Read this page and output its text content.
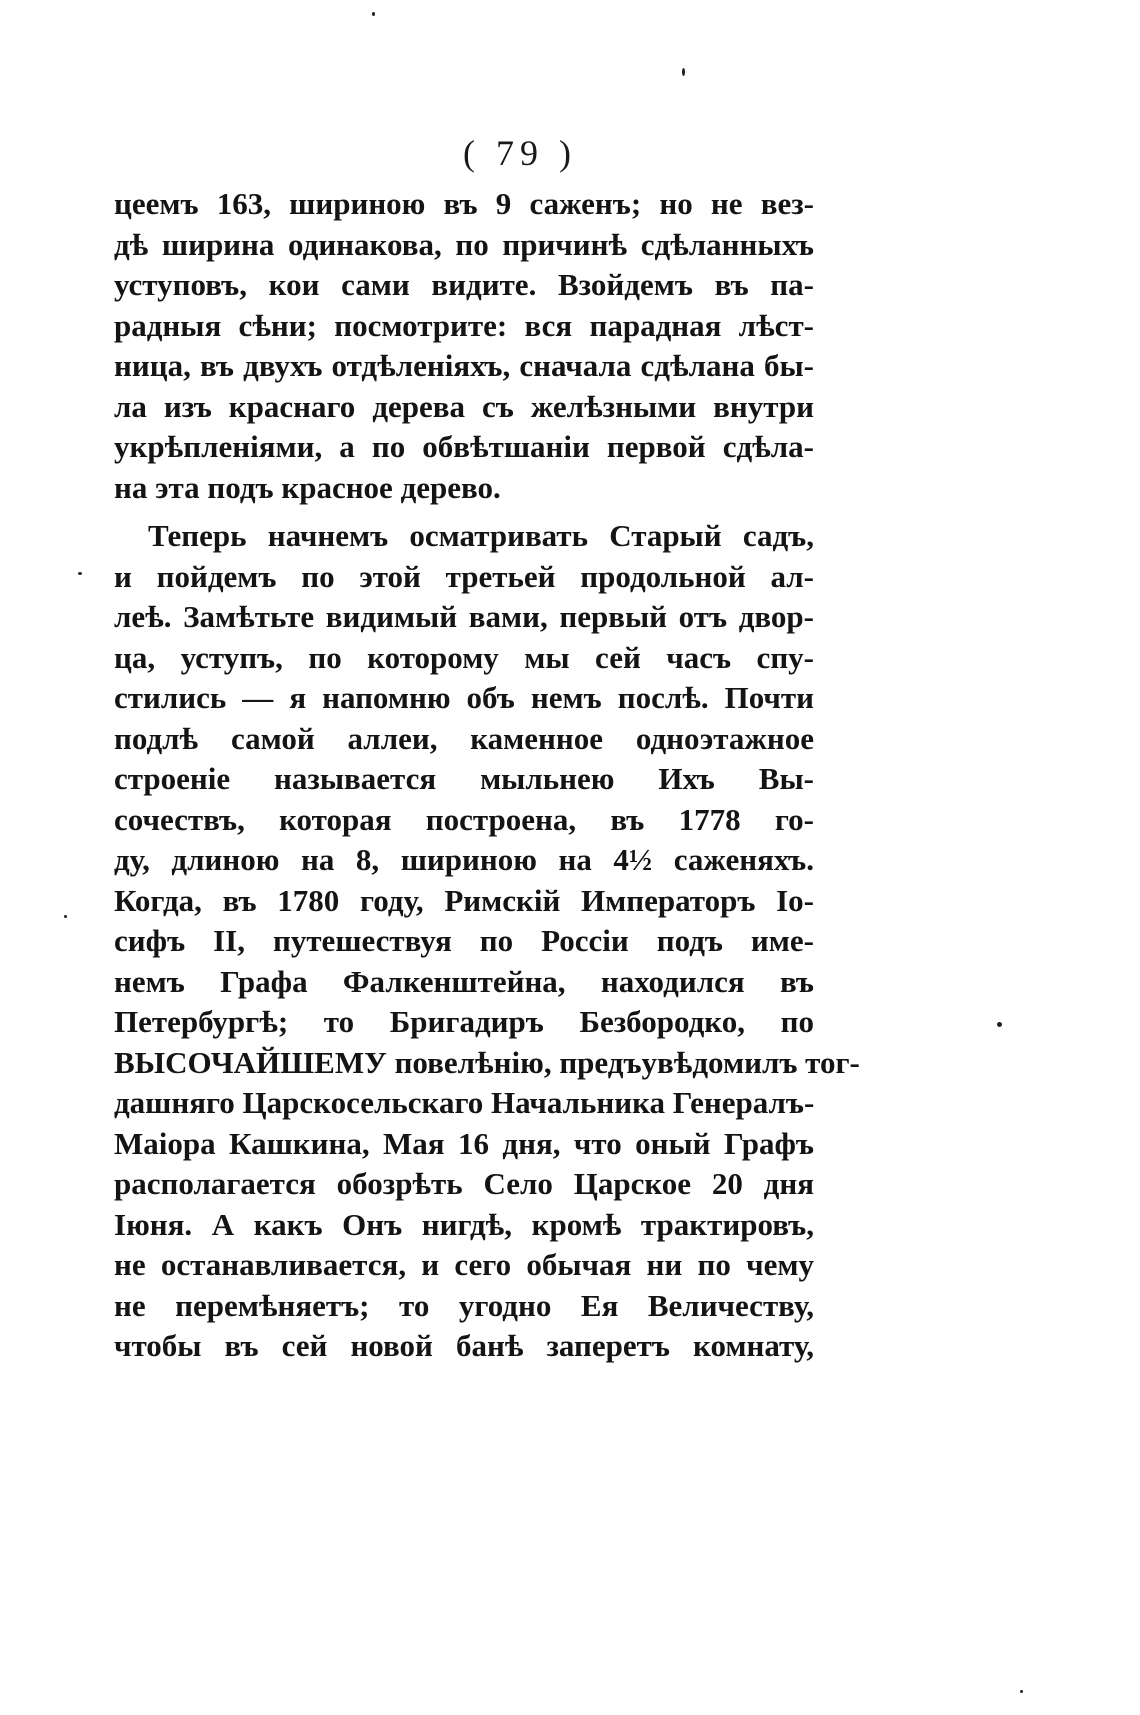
( 79 )
цеемъ 163, шириною въ 9 саженъ; но не вез-
дѣ ширина одинакова, по причинѣ сдѣланныхъ
уступовъ, кои сами видите. Взойдемъ въ па-
радныя сѣни; посмотрите: вся парадная лѣст-
ница, въ двухъ отдѣленіяхъ, сначала сдѣлана бы-
ла изъ краснаго дерева съ желѣзными внутри
укрѣпленіями, а по обвѣтшаніи первой сдѣла-
на эта подъ красное дерево.
Теперь начнемъ осматривать Старый садъ,
и пойдемъ по этой третьей продольной ал-
леѣ. Замѣтьте видимый вами, первый отъ двор-
ца, уступъ, по которому мы сей часъ спу-
стились — я напомню объ немъ послѣ. Почти
подлѣ самой аллеи, каменное одноэтажное
строеніе называется мыльнею Ихъ Вы-
сочествъ, которая построена, въ 1778 го-
ду, длиною на 8, шириною на 4½ саженяхъ.
Когда, въ 1780 году, Римскій Императоръ Іо-
сифъ II, путешествуя по Россіи подъ име-
немъ Графа Фалкенштейна, находился въ
Петербургѣ; то Бригадиръ Безбородко, по
ВЫСОЧАЙШЕМУ повелѣнію, предъувѣдомилъ тог-
дашняго Царскосельскаго Начальника Генералъ-
Маіора Кашкина, Мая 16 дня, что оный Графъ
располагается обозрѣть Село Царское 20 дня
Іюня. А какъ Онъ нигдѣ, кромѣ трактировъ,
не останавливается, и сего обычая ни по чему
не перемѣняетъ; то угодно Ея Величеству,
чтобы въ сей новой банѣ заперетъ комнату,
